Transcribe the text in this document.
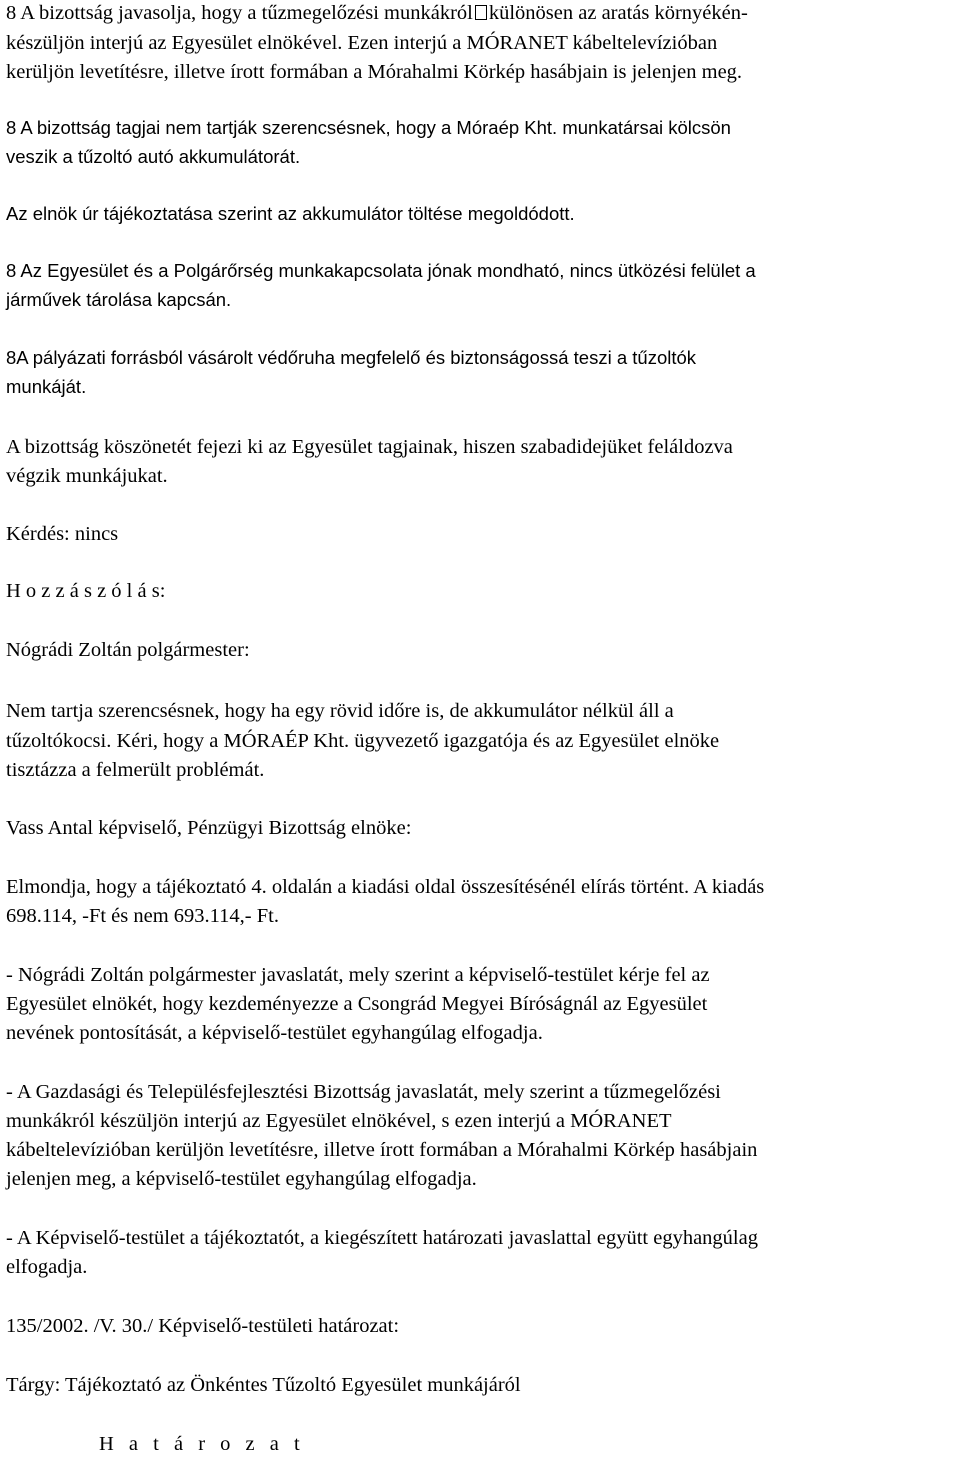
8 A bizottság javasolja, hogy a tűzmegelőzési munkákról különösen az aratás környékén-
készüljön interjú az Egyesület elnökével. Ezen interjú a MÓRANET kábeltelevízióban
kerüljön levetítésre, illetve írott formában a Mórahalmi Körkép hasábjain is jelenjen meg.
8 A bizottság tagjai nem tartják szerencsésnek, hogy a Móraép Kht. munkatársai kölcsön
veszik a tűzoltó autó akkumulátorát.
Az elnök úr tájékoztatása szerint az akkumulátor töltése megoldódott.
8 Az Egyesület és a Polgárőrség munkakapcsolata jónak mondható, nincs ütközési felület a
járművek tárolása kapcsán.
8A pályázati forrásból vásárolt védőruha megfelelő és biztonságossá teszi a tűzoltók
munkáját.
A bizottság köszönetét fejezi ki az Egyesület tagjainak, hiszen szabadidejüket feláldozva
végzik munkájukat.
Kérdés: nincs
H o z z á s z ó l á s:
Nógrádi Zoltán polgármester:
Nem tartja szerencsésnek, hogy ha egy rövid időre is, de akkumulátor nélkül áll a
tűzoltókocsi. Kéri, hogy a MÓRAÉP Kht. ügyvezető igazgatója és az Egyesület elnöke
tisztázza a felmerült problémát.
Vass Antal képviselő, Pénzügyi Bizottság elnöke:
Elmondja, hogy a tájékoztató 4. oldalán a kiadási oldal összesítésénél elírás történt. A kiadás
698.114, -Ft és nem 693.114,- Ft.
- Nógrádi Zoltán polgármester javaslatát, mely szerint a képviselő-testület kérje fel az
Egyesület elnökét, hogy kezdeményezze a Csongrád Megyei Bíróságnál az Egyesület
nevének pontosítását, a képviselő-testület egyhangúlag elfogadja.
- A Gazdasági és Településfejlesztési Bizottság javaslatát, mely szerint a tűzmegelőzési
munkákról készüljön interjú az Egyesület elnökével, s ezen interjú a MÓRANET
kábeltelevízióban kerüljön levetítésre, illetve írott formában a Mórahalmi Körkép hasábjain
jelenjen meg, a képviselő-testület egyhangúlag elfogadja.
- A Képviselő-testület a tájékoztatót, a kiegészített határozati javaslattal együtt egyhangúlag
elfogadja.
135/2002. /V. 30./ Képviselő-testületi határozat:
Tárgy: Tájékoztató az Önkéntes Tűzoltó Egyesület munkájáról
H a t á r o z a t
